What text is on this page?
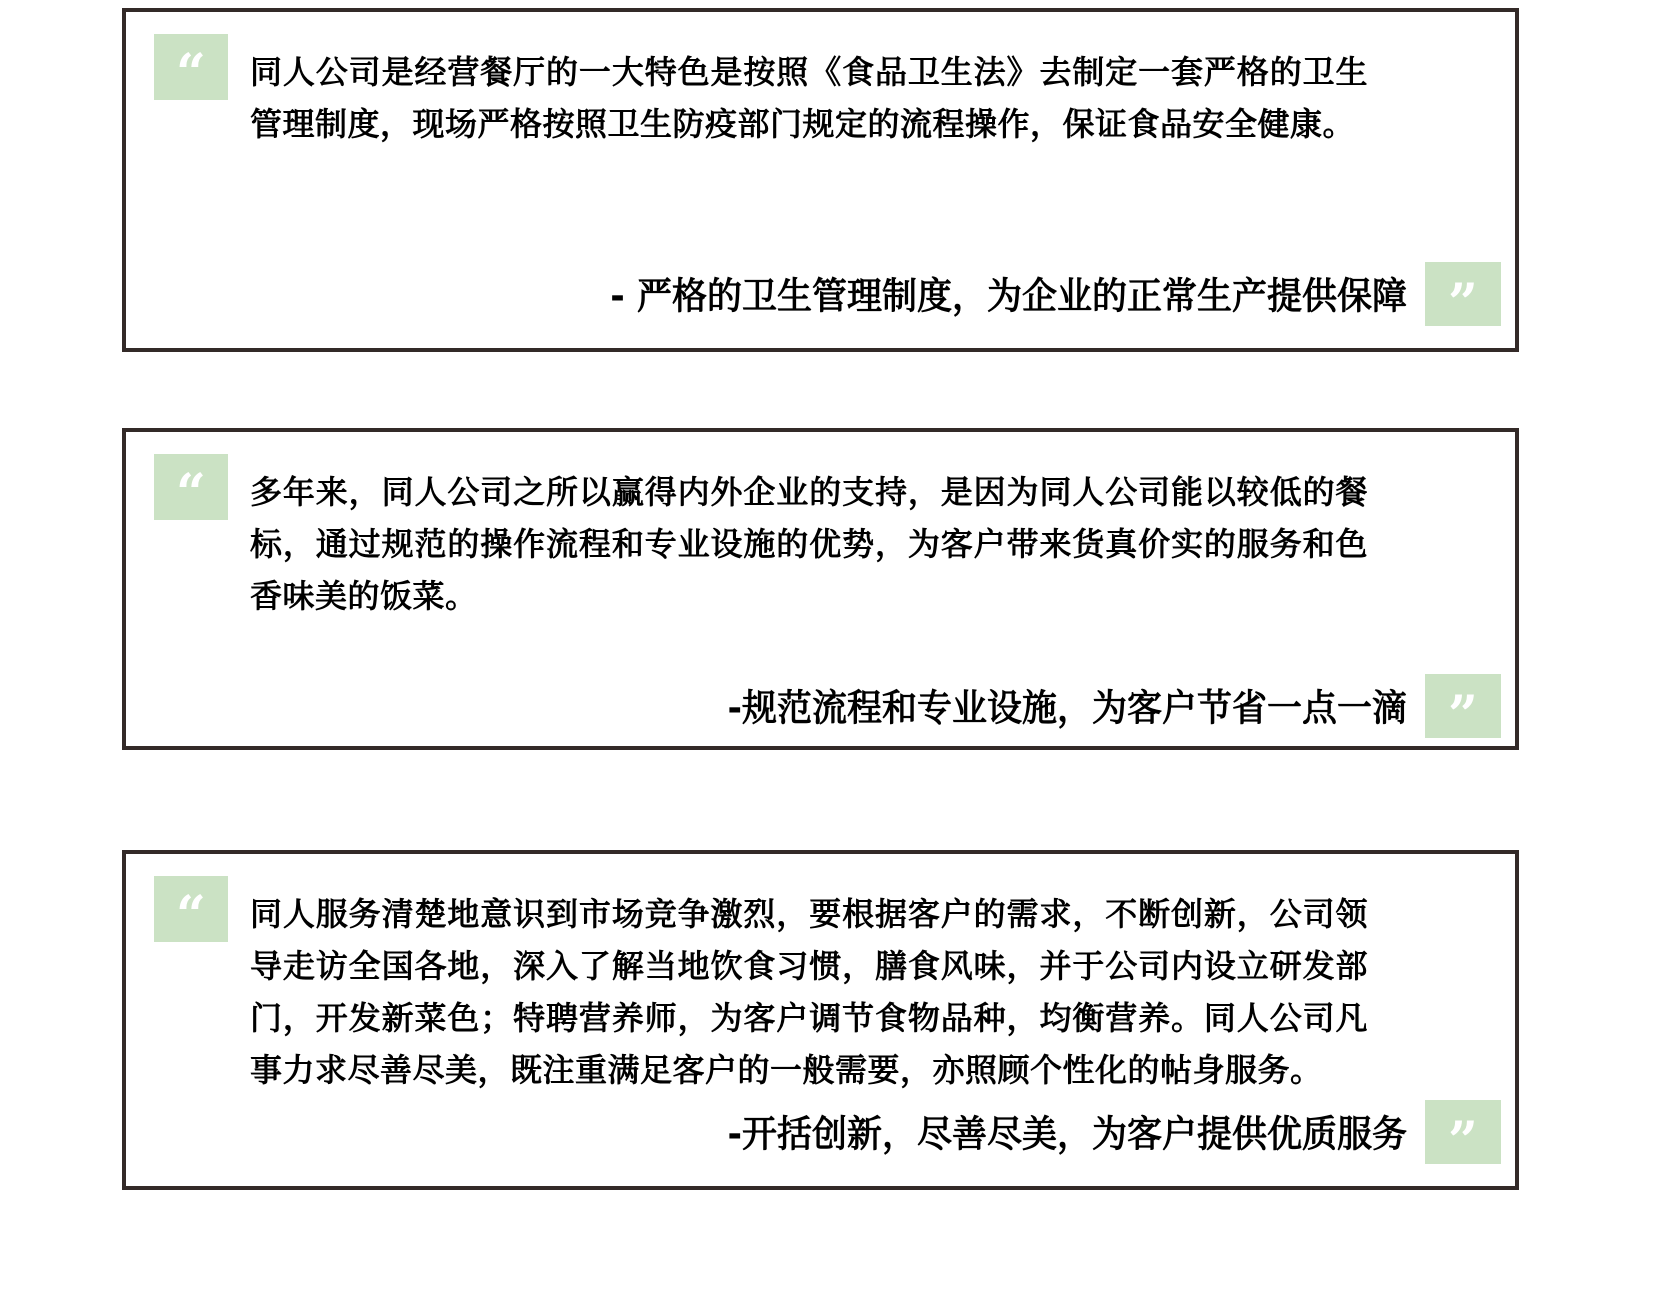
“ 同人公司是经营餐厅的一大特色是按照《食品卫生法》去制定一套严格的卫生管理制度，现场严格按照卫生防疫部门规定的流程操作，保证食品安全健康。
- 严格的卫生管理制度，为企业的正常生产提供保障 ”
“ 多年来，同人公司之所以赢得内外企业的支持，是因为同人公司能以较低的餐标，通过规范的操作流程和专业设施的优势，为客户带来货真价实的服务和色香味美的饭菜。
-规范流程和专业设施，为客户节省一点一滴 ”
“ 同人服务清楚地意识到市场竞争激烈，要根据客户的需求，不断创新，公司领导走访全国各地，深入了解当地饮食习惯，膳食风味，并于公司内设立研发部门，开发新菜色；特聘营养师，为客户调节食物品种，均衡营养。同人公司凡事力求尽善尽美，既注重满足客户的一般需要，亦照顾个性化的帖身服务。
-开括创新，尽善尽美，为客户提供优质服务 ”
